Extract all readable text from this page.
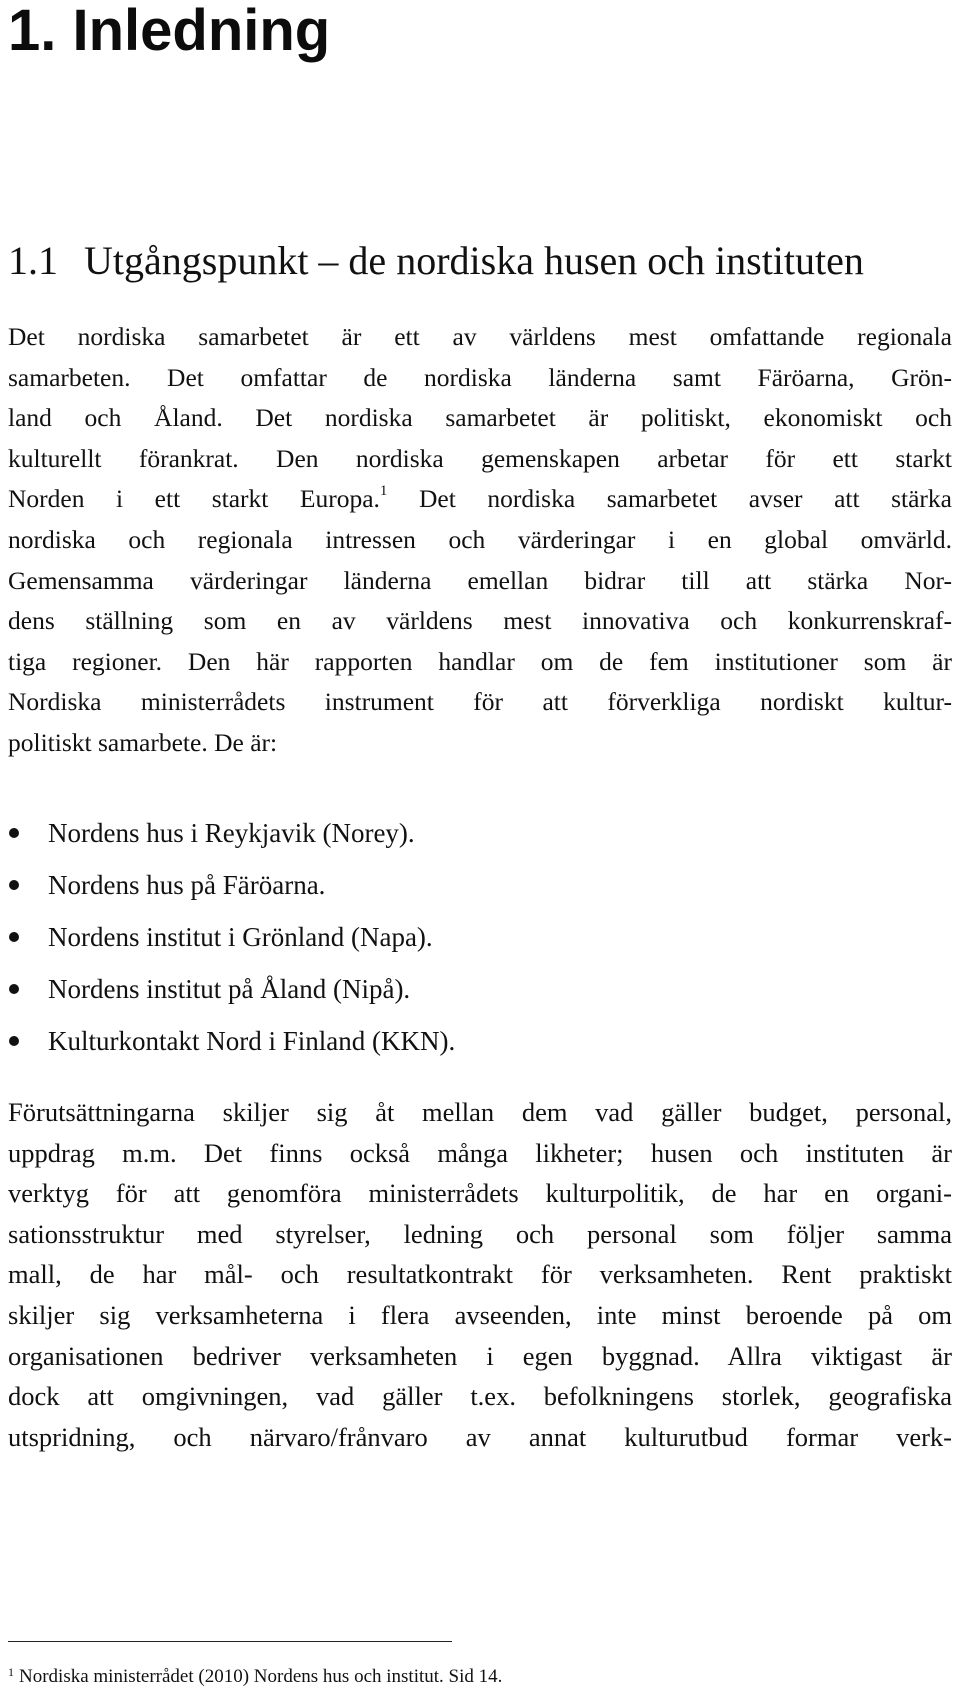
1. Inledning
1.1 Utgångspunkt – de nordiska husen och instituten
Det nordiska samarbetet är ett av världens mest omfattande regionala
samarbeten. Det omfattar de nordiska länderna samt Färöarna, Grön-
land och Åland. Det nordiska samarbetet är politiskt, ekonomiskt och
kulturellt förankrat. Den nordiska gemenskapen arbetar för ett starkt
Norden i ett starkt Europa.$^1$ Det nordiska samarbetet avser att stärka
nordiska och regionala intressen och värderingar i en global omvärld.
Gemensamma värderingar länderna emellan bidrar till att stärka Nor-
dens ställning som en av världens mest innovativa och konkurrenskraf-
tiga regioner. Den här rapporten handlar om de fem institutioner som är
Nordiska ministerrådets instrument för att förverkliga nordiskt kultur-
politiskt samarbete. De är:
Nordens hus i Reykjavik (Norey).
Nordens hus på Färöarna.
Nordens institut i Grönland (Napa).
Nordens institut på Åland (Nipå).
Kulturkontakt Nord i Finland (KKN).
Förutsättningarna skiljer sig åt mellan dem vad gäller budget, personal,
uppdrag m.m. Det finns också många likheter; husen och instituten är
verktyg för att genomföra ministerrådets kulturpolitik, de har en organi-
sationsstruktur med styrelser, ledning och personal som följer samma
mall, de har mål- och resultatkontrakt för verksamheten. Rent praktiskt
skiljer sig verksamheterna i flera avseenden, inte minst beroende på om
organisationen bedriver verksamheten i egen byggnad. Allra viktigast är
dock att omgivningen, vad gäller t.ex. befolkningens storlek, geografiska
utspridning, och närvaro/frånvaro av annat kulturutbud formar verk-

$^1$ Nordiska ministerrådet (2010) Nordens hus och institut. Sid 14.
